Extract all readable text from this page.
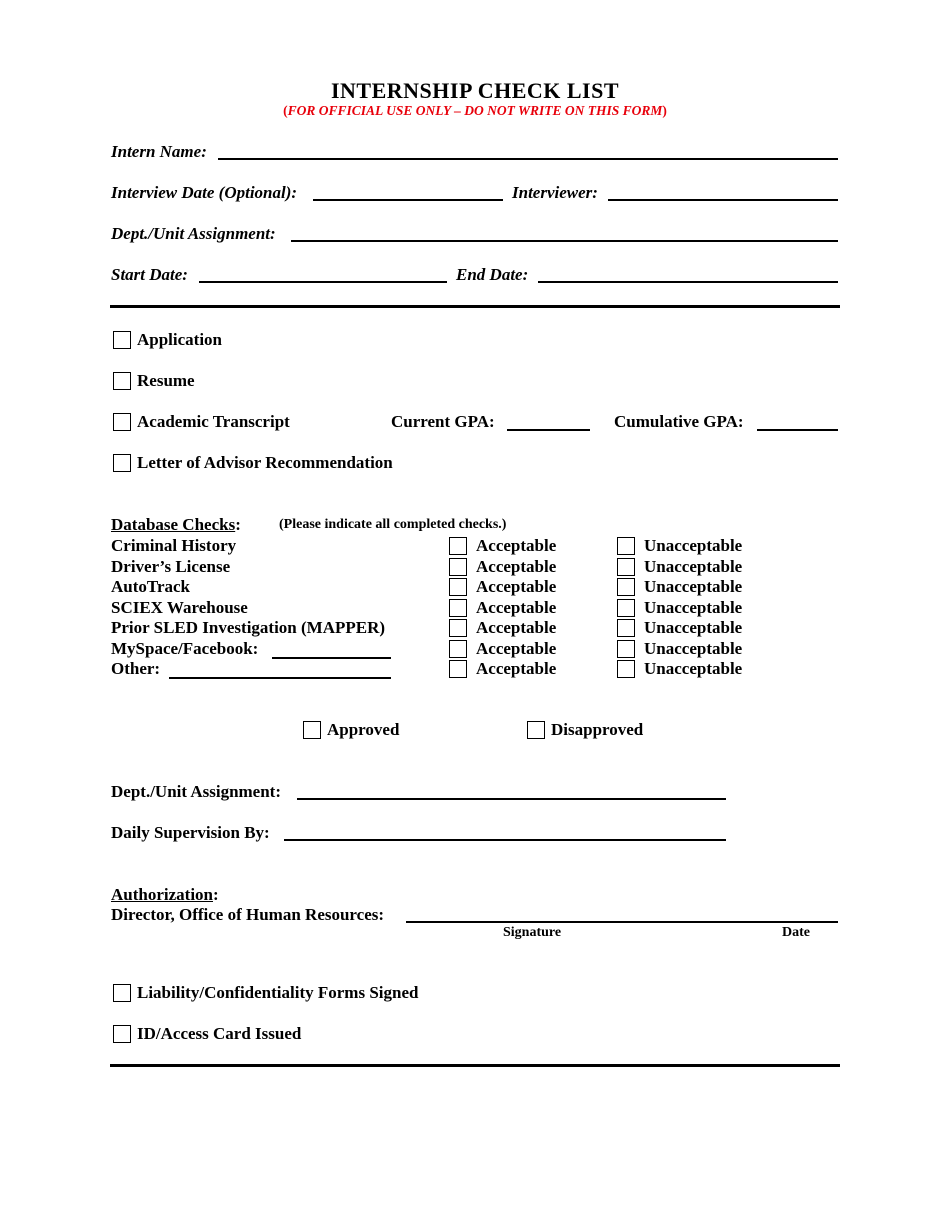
INTERNSHIP CHECK LIST
(FOR OFFICIAL USE ONLY – DO NOT WRITE ON THIS FORM)
Intern Name:
Interview Date (Optional):	Interviewer:
Dept./Unit Assignment:
Start Date:	End Date:
Application
Resume
Academic Transcript	Current GPA:	Cumulative GPA:
Letter of Advisor Recommendation
Database Checks:	(Please indicate all completed checks.)
Criminal History	Acceptable	Unacceptable
Driver’s License	Acceptable	Unacceptable
AutoTrack	Acceptable	Unacceptable
SCIEX Warehouse	Acceptable	Unacceptable
Prior SLED Investigation (MAPPER)	Acceptable	Unacceptable
MySpace/Facebook:	Acceptable	Unacceptable
Other:	Acceptable	Unacceptable
Approved	Disapproved
Dept./Unit Assignment:
Daily Supervision By:
Authorization:
Director, Office of Human Resources:
Signature	Date
Liability/Confidentiality Forms Signed
ID/Access Card Issued
